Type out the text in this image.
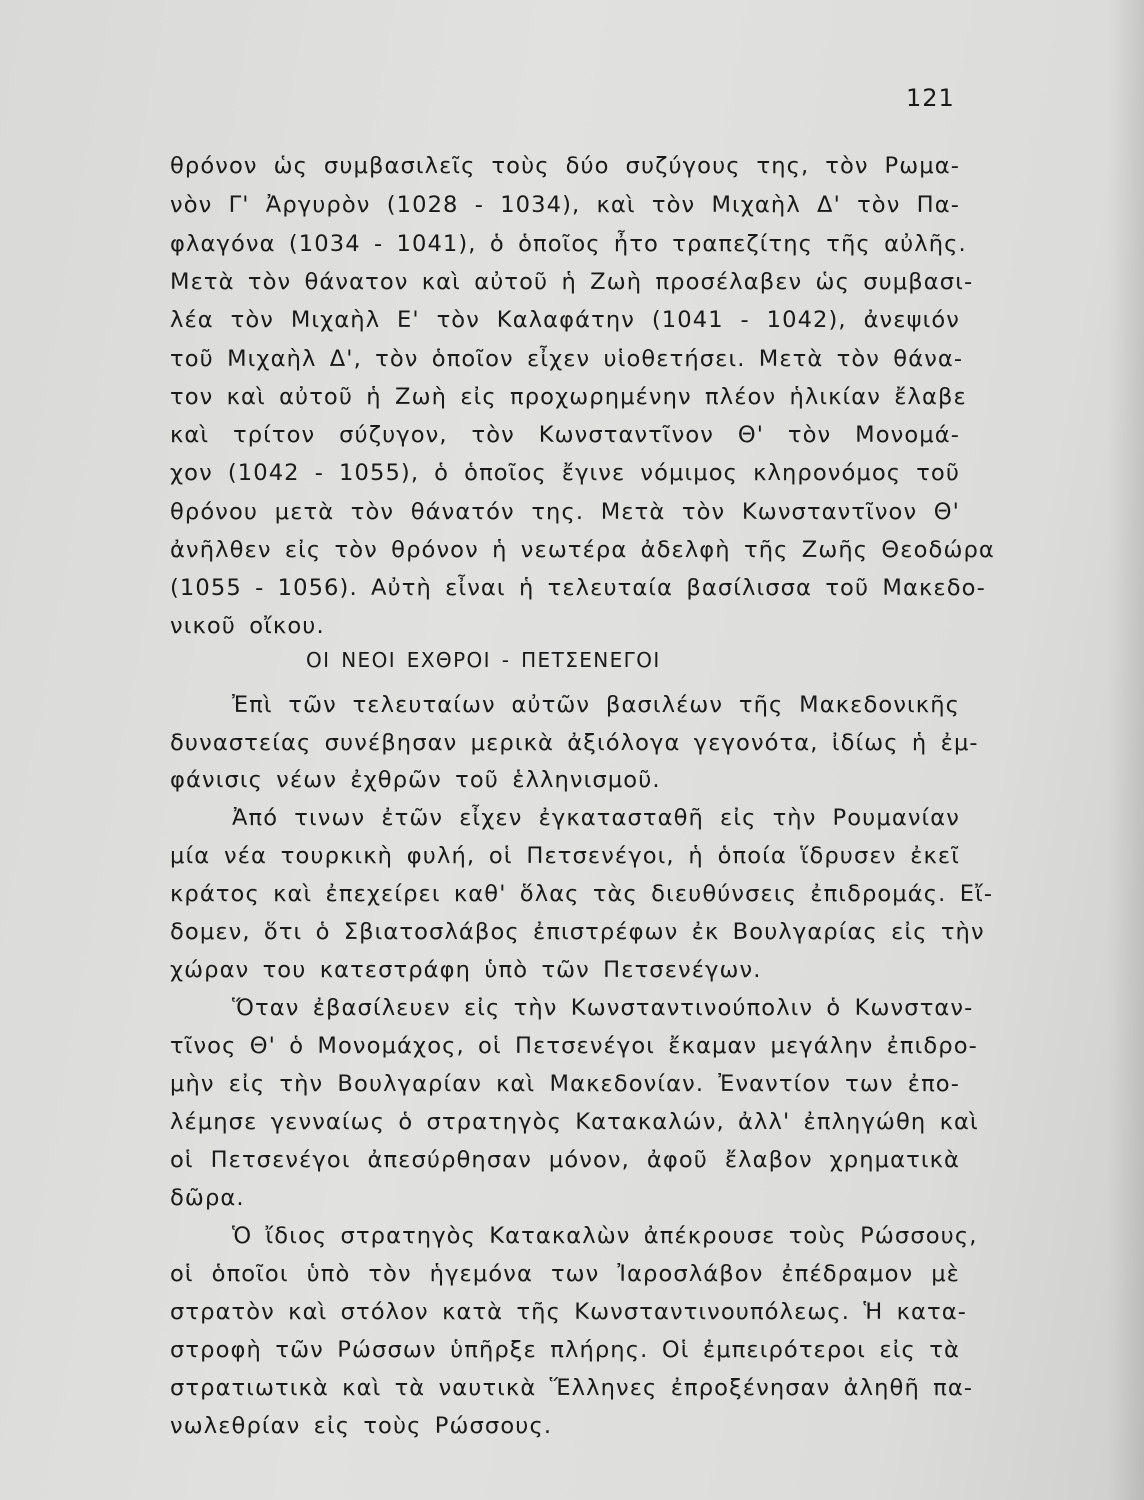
121
θρόνον ὡς συμβασιλεῖς τοὺς δύο συζύγους της, τὸν Ρωμα-
νὸν Γ' Ἀργυρὸν (1028 - 1034), καὶ τὸν Μιχαὴλ Δ' τὸν Πα-
φλαγόνα (1034 - 1041), ὁ ὁποῖος ἦτο τραπεζίτης τῆς αὐλῆς.
Μετὰ τὸν θάνατον καὶ αὐτοῦ ἡ Ζωὴ προσέλαβεν ὡς συμβασι-
λέα τὸν Μιχαὴλ Ε' τὸν Καλαφάτην (1041 - 1042), ἀνεψιόν
τοῦ Μιχαὴλ Δ', τὸν ὁποῖον εἶχεν υἱοθετήσει. Μετὰ τὸν θάνα-
τον καὶ αὐτοῦ ἡ Ζωὴ εἰς προχωρημένην πλέον ἡλικίαν ἔλαβε
καὶ τρίτον σύζυγον, τὸν Κωνσταντῖνον Θ' τὸν Μονομά-
χον (1042 - 1055), ὁ ὁποῖος ἔγινε νόμιμος κληρονόμος τοῦ
θρόνου μετὰ τὸν θάνατόν της. Μετὰ τὸν Κωνσταντῖνον Θ'
ἀνῆλθεν εἰς τὸν θρόνον ἡ νεωτέρα ἀδελφὴ τῆς Ζωῆς Θεοδώρα
(1055 - 1056). Αὐτὴ εἶναι ἡ τελευταία βασίλισσα τοῦ Μακεδο-
νικοῦ οἴκου.
ΟΙ ΝΕΟΙ ΕΧΘΡΟΙ - ΠΕΤΣΕΝΕΓΟΙ
Ἐπὶ τῶν τελευταίων αὐτῶν βασιλέων τῆς Μακεδονικῆς
δυναστείας συνέβησαν μερικὰ ἀξιόλογα γεγονότα, ἰδίως ἡ ἐμ-
φάνισις νέων ἐχθρῶν τοῦ ἑλληνισμοῦ.
Ἀπό τινων ἐτῶν εἶχεν ἐγκατασταθῆ εἰς τὴν Ρουμανίαν
μία νέα τουρκικὴ φυλή, οἱ Πετσενέγοι, ἡ ὁποία ἵδρυσεν ἐκεῖ
κράτος καὶ ἐπεχείρει καθ' ὅλας τὰς διευθύνσεις ἐπιδρομάς. Εἴ-
δομεν, ὅτι ὁ Σβιατοσλάβος ἐπιστρέφων ἐκ Βουλγαρίας εἰς τὴν
χώραν του κατεστράφη ὑπὸ τῶν Πετσενέγων.
Ὅταν ἐβασίλευεν εἰς τὴν Κωνσταντινούπολιν ὁ Κωνσταν-
τῖνος Θ' ὁ Μονομάχος, οἱ Πετσενέγοι ἔκαμαν μεγάλην ἐπιδρο-
μὴν εἰς τὴν Βουλγαρίαν καὶ Μακεδονίαν. Ἐναντίον των ἐπο-
λέμησε γενναίως ὁ στρατηγὸς Κατακαλών, ἀλλ' ἐπληγώθη καὶ
οἱ Πετσενέγοι ἀπεσύρθησαν μόνον, ἀφοῦ ἔλαβον χρηματικὰ
δῶρα.
Ὁ ἴδιος στρατηγὸς Κατακαλὼν ἀπέκρουσε τοὺς Ρώσσους,
οἱ ὁποῖοι ὑπὸ τὸν ἡγεμόνα των Ἰαροσλάβον ἐπέδραμον μὲ
στρατὸν καὶ στόλον κατὰ τῆς Κωνσταντινουπόλεως. Ἡ κατα-
στροφὴ τῶν Ρώσσων ὑπῆρξε πλήρης. Οἱ ἐμπειρότεροι εἰς τὰ
στρατιωτικὰ καὶ τὰ ναυτικὰ Ἕλληνες ἐπροξένησαν ἀληθῆ πα-
νωλεθρίαν εἰς τοὺς Ρώσσους.
